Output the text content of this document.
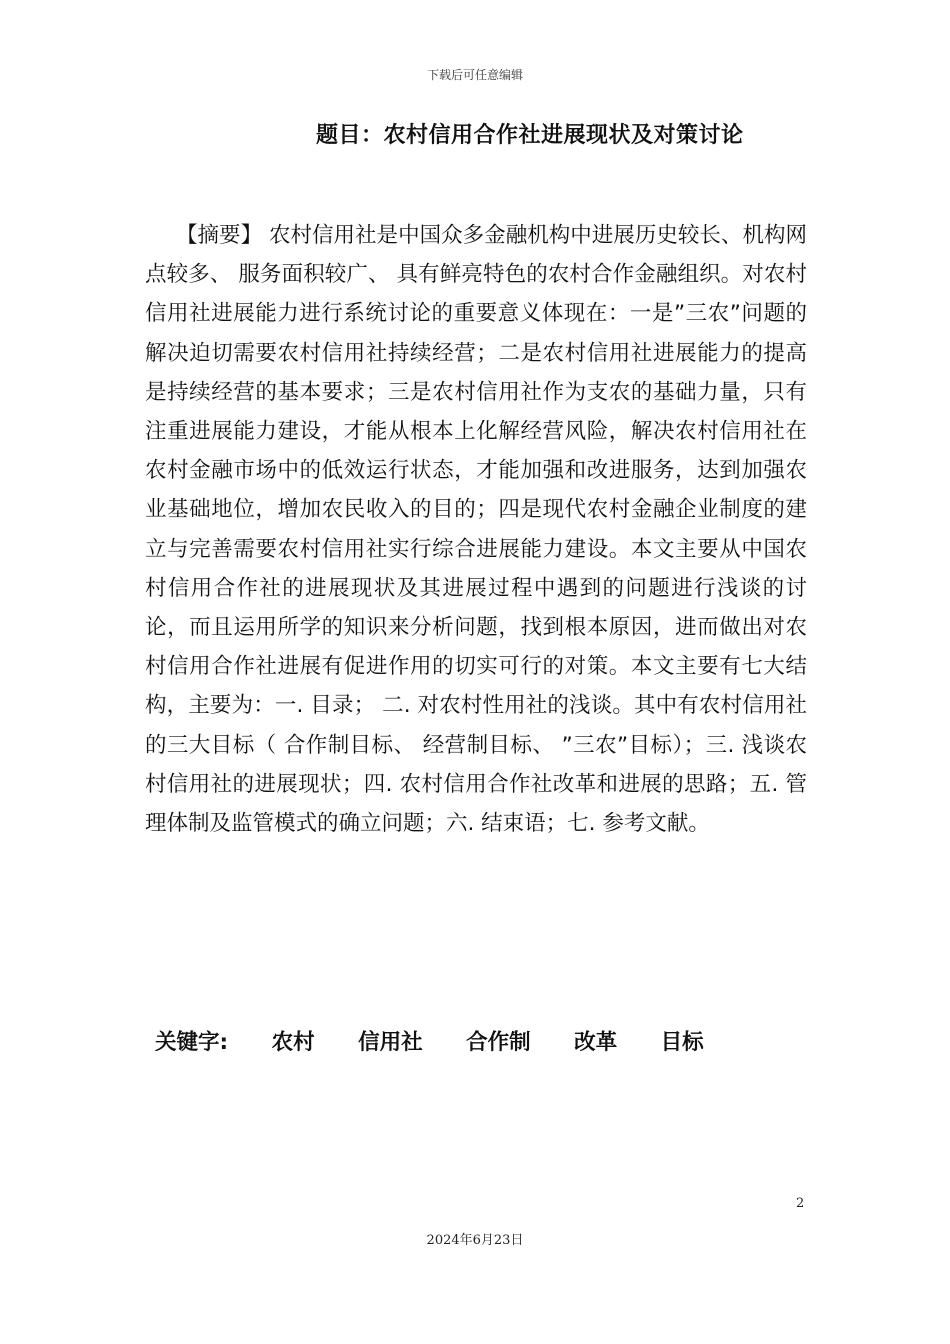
下载后可任意编辑
题目：农村信用合作社进展现状及对策讨论
【摘要】 农村信用社是中国众多金融机构中进展历史较长、机构网点较多、 服务面积较广、 具有鲜亮特色的农村合作金融组织。对农村信用社进展能力进行系统讨论的重要意义体现在：一是”三农”问题的解决迫切需要农村信用社持续经营；二是农村信用社进展能力的提高是持续经营的基本要求；三是农村信用社作为支农的基础力量，只有注重进展能力建设，才能从根本上化解经营风险，解决农村信用社在农村金融市场中的低效运行状态，才能加强和改进服务，达到加强农业基础地位，增加农民收入的目的；四是现代农村金融企业制度的建立与完善需要农村信用社实行综合进展能力建设。本文主要从中国农村信用合作社的进展现状及其进展过程中遇到的问题进行浅谈的讨论，而且运用所学的知识来分析问题，找到根本原因，进而做出对农村信用合作社进展有促进作用的切实可行的对策。本文主要有七大结构，主要为：一. 目录； 二. 对农村性用社的浅谈。其中有农村信用社的三大目标（ 合作制目标、 经营制目标、 ”三农”目标）；三. 浅谈农村信用社的进展现状；四. 农村信用合作社改革和进展的思路；五. 管理体制及监管模式的确立问题；六. 结束语；七. 参考文献。
关键字: 农村 信用社 合作制 改革 目标
2
2024年6月23日
